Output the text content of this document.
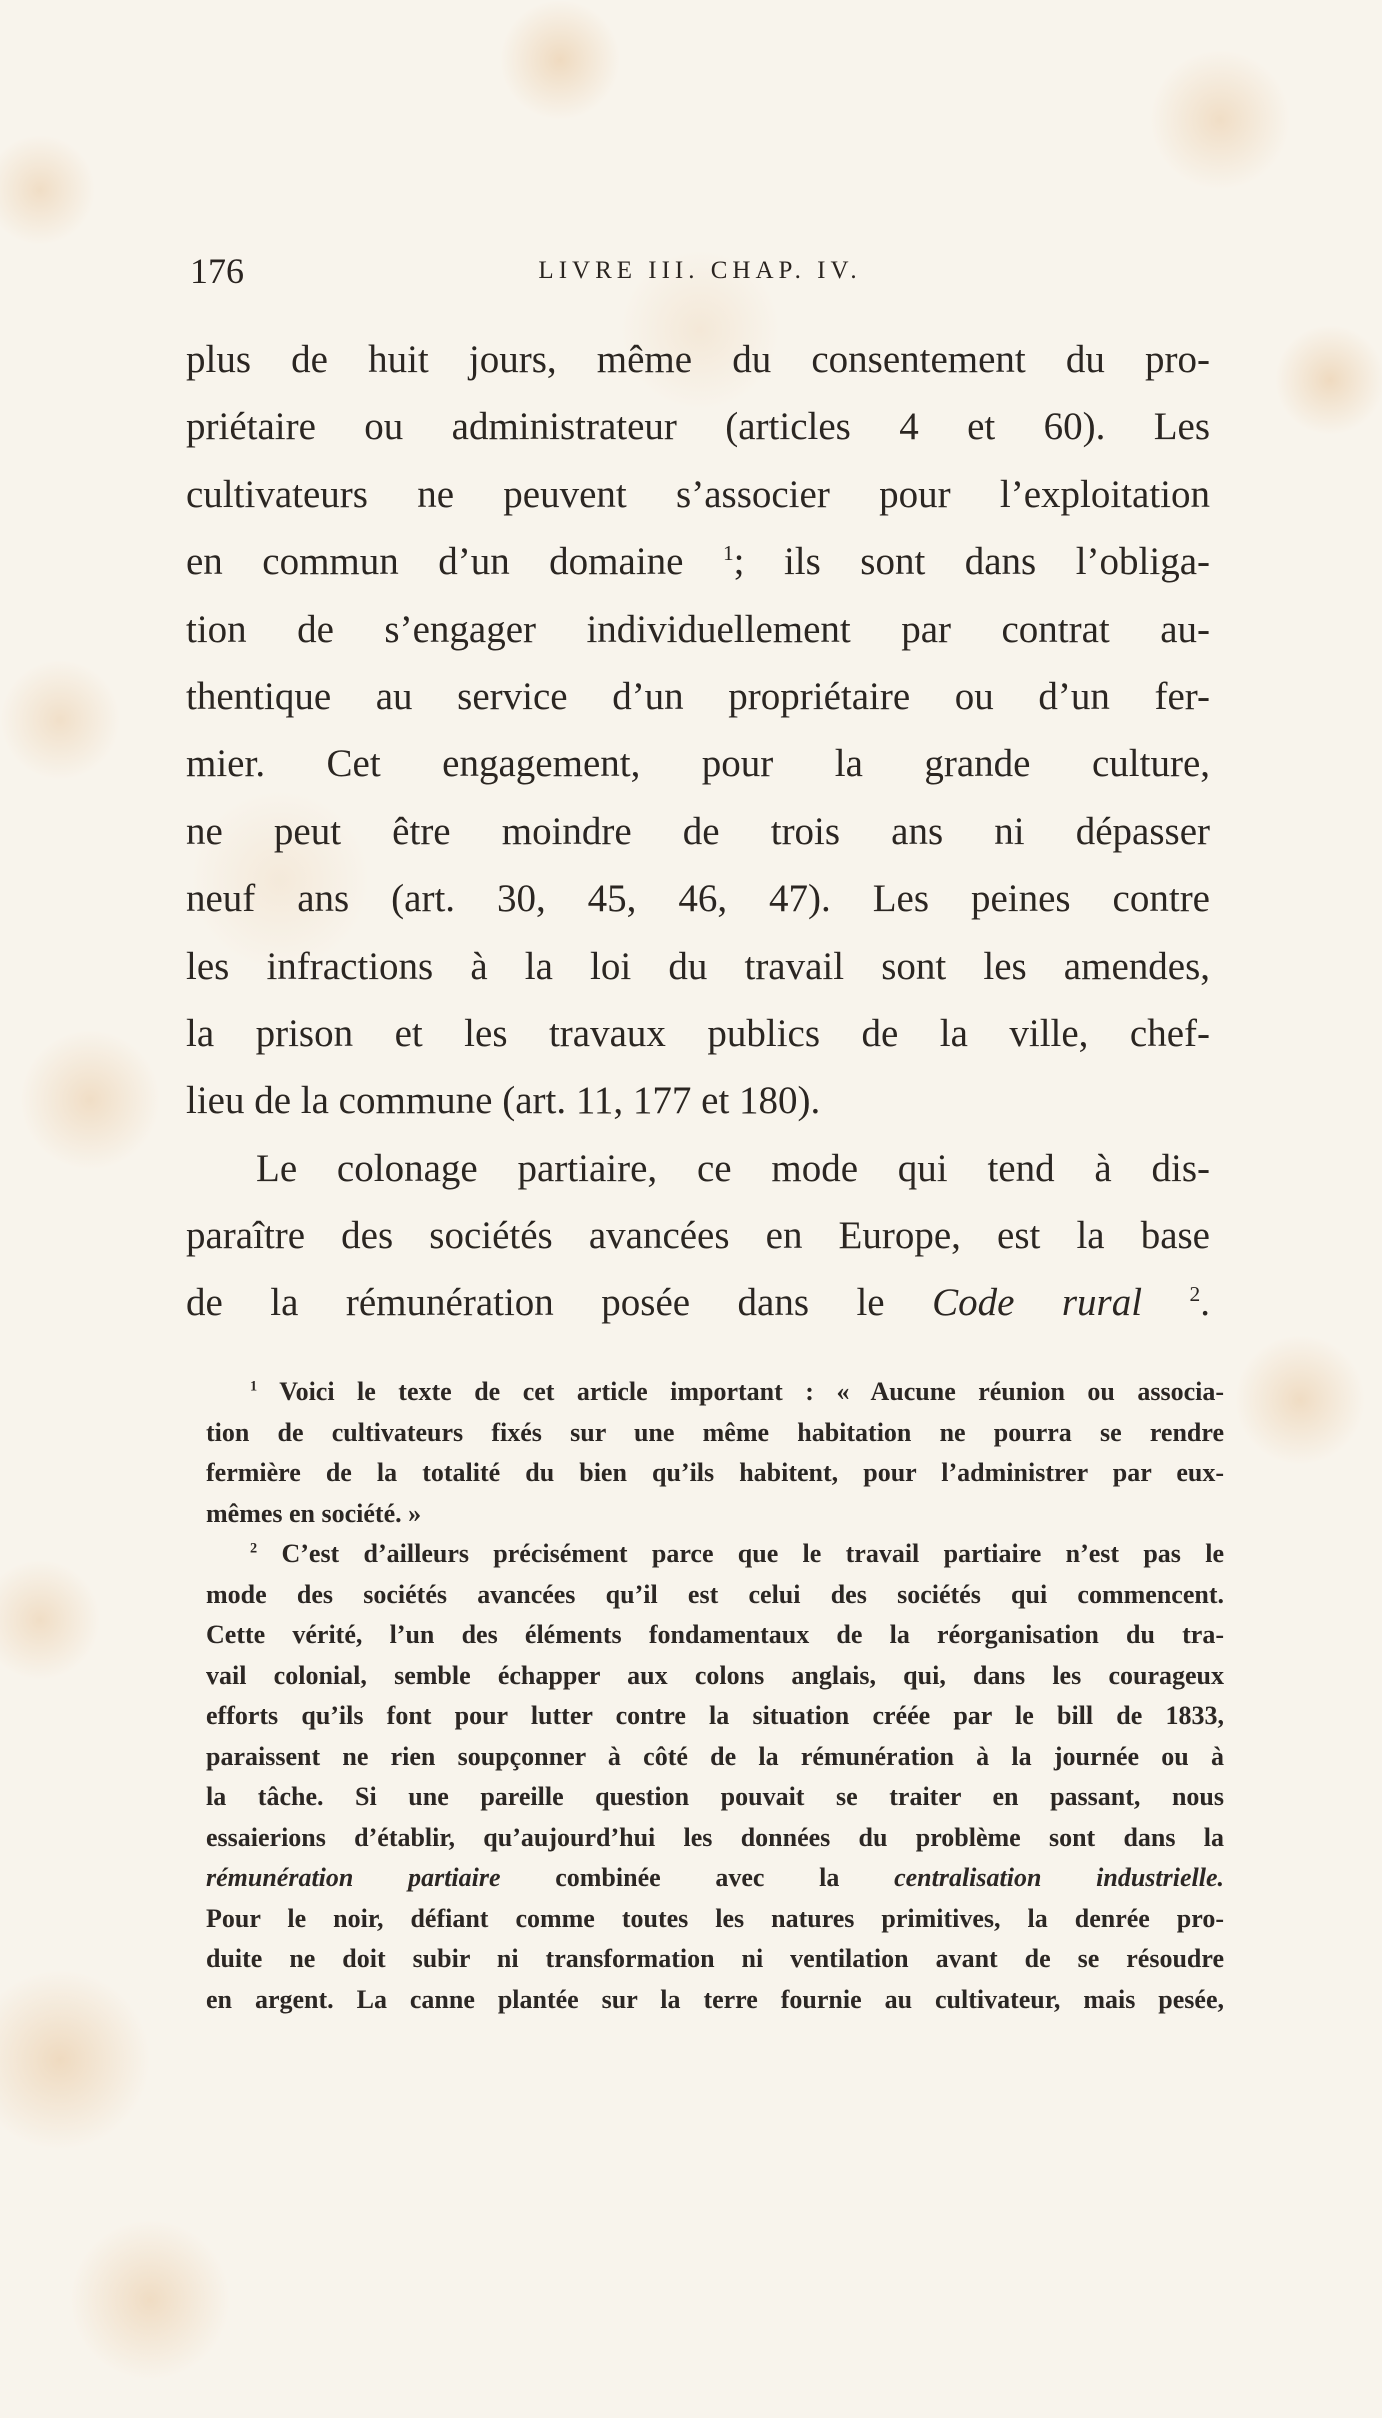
176	LIVRE III. CHAP. IV.
plus de huit jours, même du consentement du pro-
priétaire ou administrateur (articles 4 et 60). Les
cultivateurs ne peuvent s’associer pour l’exploitation
en commun d’un domaine $^1$; ils sont dans l’obliga-
tion de s’engager individuellement par contrat au-
thentique au service d’un propriétaire ou d’un fer-
mier. Cet engagement, pour la grande culture,
ne peut être moindre de trois ans ni dépasser
neuf ans (art. 30, 45, 46, 47). Les peines contre
les infractions à la loi du travail sont les amendes,
la prison et les travaux publics de la ville, chef-
lieu de la commune (art. 11, 177 et 180).
Le colonage partiaire, ce mode qui tend à dis-
paraître des sociétés avancées en Europe, est la base
de la rémunération posée dans le Code rural $^2$.
$^1$ Voici le texte de cet article important : « Aucune réunion ou associa-
tion de cultivateurs fixés sur une même habitation ne pourra se rendre
fermière de la totalité du bien qu’ils habitent, pour l’administrer par eux-
mêmes en société. »
$^2$ C’est d’ailleurs précisément parce que le travail partiaire n’est pas le
mode des sociétés avancées qu’il est celui des sociétés qui commencent.
Cette vérité, l’un des éléments fondamentaux de la réorganisation du tra-
vail colonial, semble échapper aux colons anglais, qui, dans les courageux
efforts qu’ils font pour lutter contre la situation créée par le bill de 1833,
paraissent ne rien soupçonner à côté de la rémunération à la journée ou à
la tâche. Si une pareille question pouvait se traiter en passant, nous
essaierions d’établir, qu’aujourd’hui les données du problème sont dans la
rémunération partiaire combinée avec la centralisation industrielle.
Pour le noir, défiant comme toutes les natures primitives, la denrée pro-
duite ne doit subir ni transformation ni ventilation avant de se résoudre
en argent. La canne plantée sur la terre fournie au cultivateur, mais pesée,
